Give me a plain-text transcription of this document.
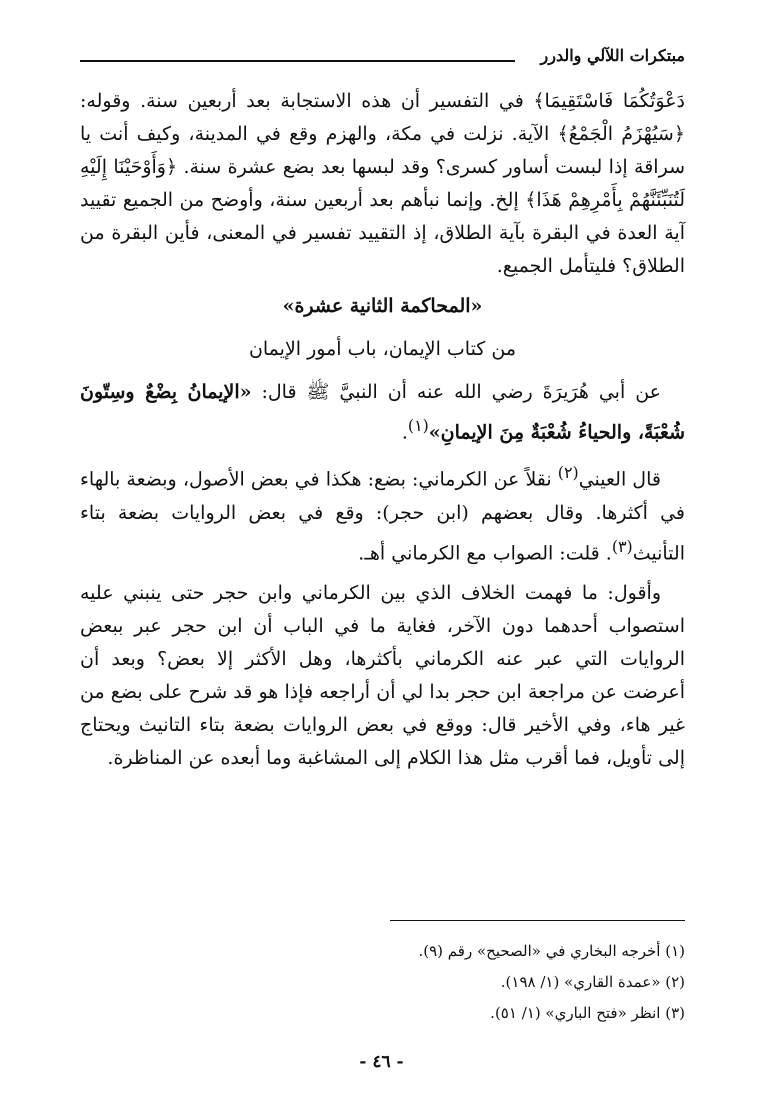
مبتكرات اللآلي والدرر

دَعْوَتُكُمَا فَاسْتَقِيمَا﴾ في التفسير أن هذه الاستجابة بعد أربعين سنة. وقوله: ﴿سَيُهْزَمُ الْجَمْعُ﴾ الآية. نزلت في مكة، والهزم وقع في المدينة، وكيف أنت يا سراقة إذا لبست أساور كسرى؟ وقد لبسها بعد بضع عشرة سنة. ﴿وَأَوْحَيْنَا إِلَيْهِ لَتُنَبِّئَنَّهُمْ بِأَمْرِهِمْ هَذَا﴾ إلخ. وإنما نبأهم بعد أربعين سنة، وأوضح من الجميع تقييد آية العدة في البقرة بآية الطلاق، إذ التقييد تفسير في المعنى، فأين البقرة من الطلاق؟ فليتأمل الجميع.

«المحاكمة الثانية عشرة»

من كتاب الإيمان، باب أمور الإيمان

عن أبي هُرَيرَةَ رضي الله عنه أن النبيَّ ﷺ قال: «الإيمانُ بِضْعٌ وسِتّونَ شُعْبَةً، والحياءُ شُعْبَةٌ مِنَ الإيمانِ»$^{(١)}$.

قال العيني$^{(٢)}$ نقلاً عن الكرماني: بضع: هكذا في بعض الأصول، وبضعة بالهاء في أكثرها. وقال بعضهم (ابن حجر): وقع في بعض الروايات بضعة بتاء التأنيث$^{(٣)}$. قلت: الصواب مع الكرماني أهـ.

وأقول: ما فهمت الخلاف الذي بين الكرماني وابن حجر حتى ينبني عليه استصواب أحدهما دون الآخر، فغاية ما في الباب أن ابن حجر عبر ببعض الروايات التي عبر عنه الكرماني بأكثرها، وهل الأكثر إلا بعض؟ وبعد أن أعرضت عن مراجعة ابن حجر بدا لي أن أراجعه فإذا هو قد شرح على بضع من غير هاء، وفي الأخير قال: ووقع في بعض الروايات بضعة بتاء التانيث ويحتاج إلى تأويل، فما أقرب مثل هذا الكلام إلى المشاغبة وما أبعده عن المناظرة.

(١) أخرجه البخاري في «الصحيح» رقم (٩).
(٢) «عمدة القاري» (١/ ١٩٨).
(٣) انظر «فتح الباري» (١/ ٥١).
- ٤٦ -
